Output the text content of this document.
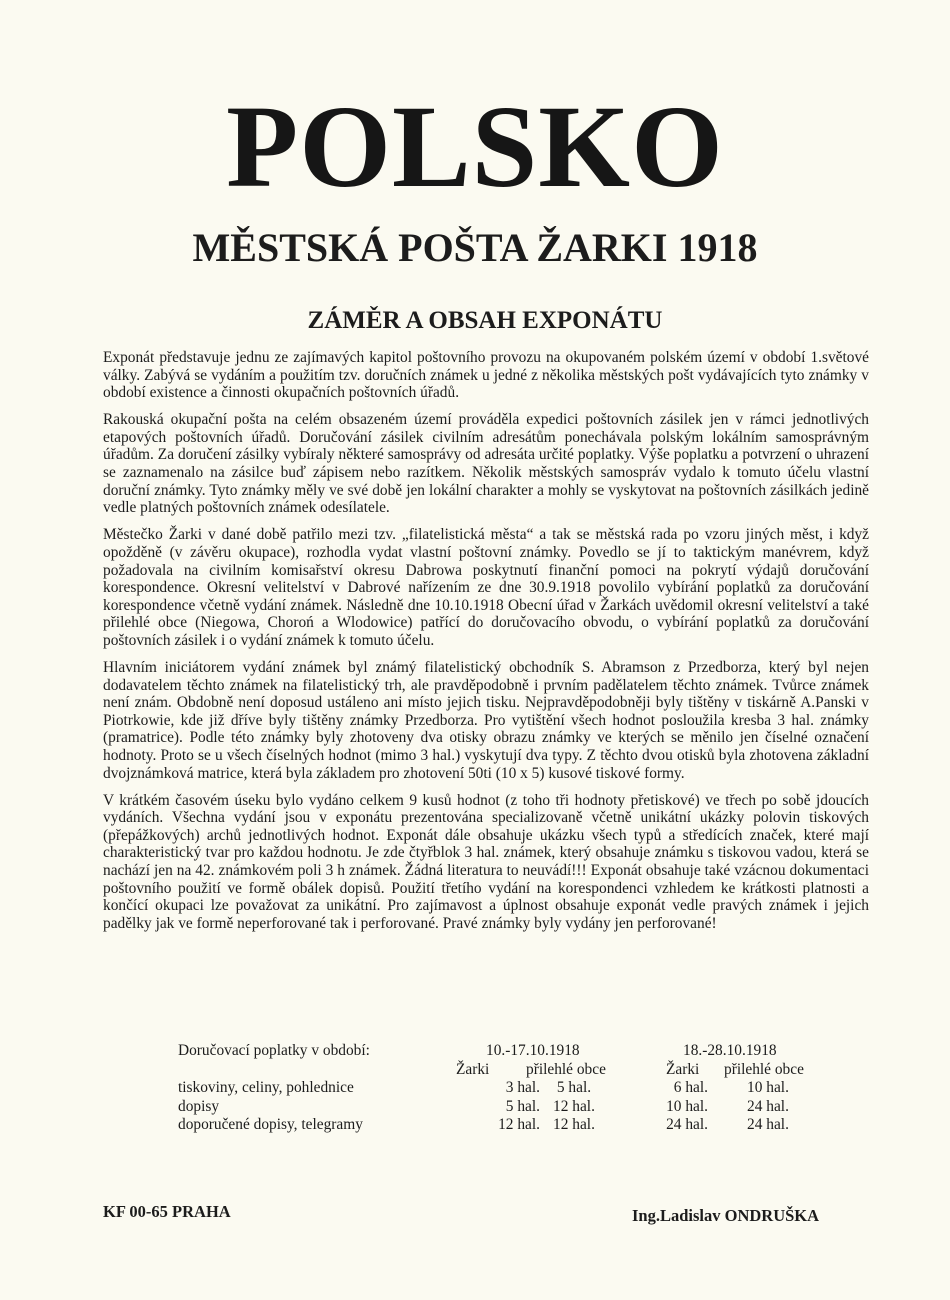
POLSKO
MĚSTSKÁ POŠTA ŽARKI 1918
ZÁMĚR A OBSAH EXPONÁTU

Exponát představuje jednu ze zajímavých kapitol poštovního provozu na okupovaném polském území v období 1.světové války. Zabývá se vydáním a použitím tzv. doručních známek u jedné z několika městských pošt vydávajících tyto známky v období existence a činnosti okupačních poštovních úřadů.

Rakouská okupační pošta na celém obsazeném území prováděla expedici poštovních zásilek jen v rámci jednotlivých etapových poštovních úřadů. Doručování zásilek civilním adresátům ponechávala polským lokálním samosprávným úřadům. Za doručení zásilky vybíraly některé samosprávy od adresáta určité poplatky. Výše poplatku a potvrzení o uhrazení se zaznamenalo na zásilce buď zápisem nebo razítkem. Několik městských samospráv vydalo k tomuto účelu vlastní doruční známky. Tyto známky měly ve své době jen lokální charakter a mohly se vyskytovat na poštovních zásilkách jedině vedle platných poštovních známek odesílatele.

Městečko Žarki v dané době patřilo mezi tzv. „filatelistická města“ a tak se městská rada po vzoru jiných měst, i když opožděně (v závěru okupace), rozhodla vydat vlastní poštovní známky. Povedlo se jí to taktickým manévrem, když požadovala na civilním komisařství okresu Dabrowa poskytnutí finanční pomoci na pokrytí výdajů doručování korespondence. Okresní velitelství v Dabrové nařízením ze dne 30.9.1918 povolilo vybírání poplatků za doručování korespondence včetně vydání známek. Následně dne 10.10.1918 Obecní úřad v Žarkách uvědomil okresní velitelství a také přilehlé obce (Niegowa, Choroń a Wlodowice) patřící do doručovacího obvodu, o vybírání poplatků za doručování poštovních zásilek i o vydání známek k tomuto účelu.

Hlavním iniciátorem vydání známek byl známý filatelistický obchodník S. Abramson z Przedborza, který byl nejen dodavatelem těchto známek na filatelistický trh, ale pravděpodobně i prvním padělatelem těchto známek. Tvůrce známek není znám. Obdobně není doposud ustáleno ani místo jejich tisku. Nejpravděpodobněji byly tištěny v tiskárně A.Panski v Piotrkowie, kde již dříve byly tištěny známky Przedborza. Pro vytištění všech hodnot posloužila kresba 3 hal. známky (pramatrice). Podle této známky byly zhotoveny dva otisky obrazu známky ve kterých se měnilo jen číselné označení hodnoty. Proto se u všech číselných hodnot (mimo 3 hal.) vyskytují dva typy. Z těchto dvou otisků byla zhotovena základní dvojznámková matrice, která byla základem pro zhotovení 50ti (10 x 5) kusové tiskové formy.

V krátkém časovém úseku bylo vydáno celkem 9 kusů hodnot (z toho tři hodnoty přetiskové) ve třech po sobě jdoucích vydáních. Všechna vydání jsou v exponátu prezentována specializovaně včetně unikátní ukázky polovin tiskových (přepážkových) archů jednotlivých hodnot. Exponát dále obsahuje ukázku všech typů a středících značek, které mají charakteristický tvar pro každou hodnotu. Je zde čtyřblok 3 hal. známek, který obsahuje známku s tiskovou vadou, která se nachází jen na 42. známkovém poli 3 h známek. Žádná literatura to neuvádí!!! Exponát obsahuje také vzácnou dokumentaci poštovního použití ve formě obálek dopisů. Použití třetího vydání na korespondenci vzhledem ke krátkosti platnosti a končící okupaci lze považovat za unikátní. Pro zajímavost a úplnost obsahuje exponát vedle pravých známek i jejich padělky jak ve formě neperforované tak i perforované. Pravé známky byly vydány jen perforované!

Doručovací poplatky v období:	10.-17.10.1918	18.-28.10.1918
Žarki přilehlé obce	Žarki přilehlé obce
tiskoviny, celiny, pohlednice	3 hal.	5 hal.	6 hal.	10 hal.
dopisy	5 hal. 12 hal.	10 hal.	24 hal.
doporučené dopisy, telegramy	12 hal. 12 hal.	24 hal.	24 hal.
KF 00-65 PRAHA	Ing.Ladislav ONDRUŠKA
